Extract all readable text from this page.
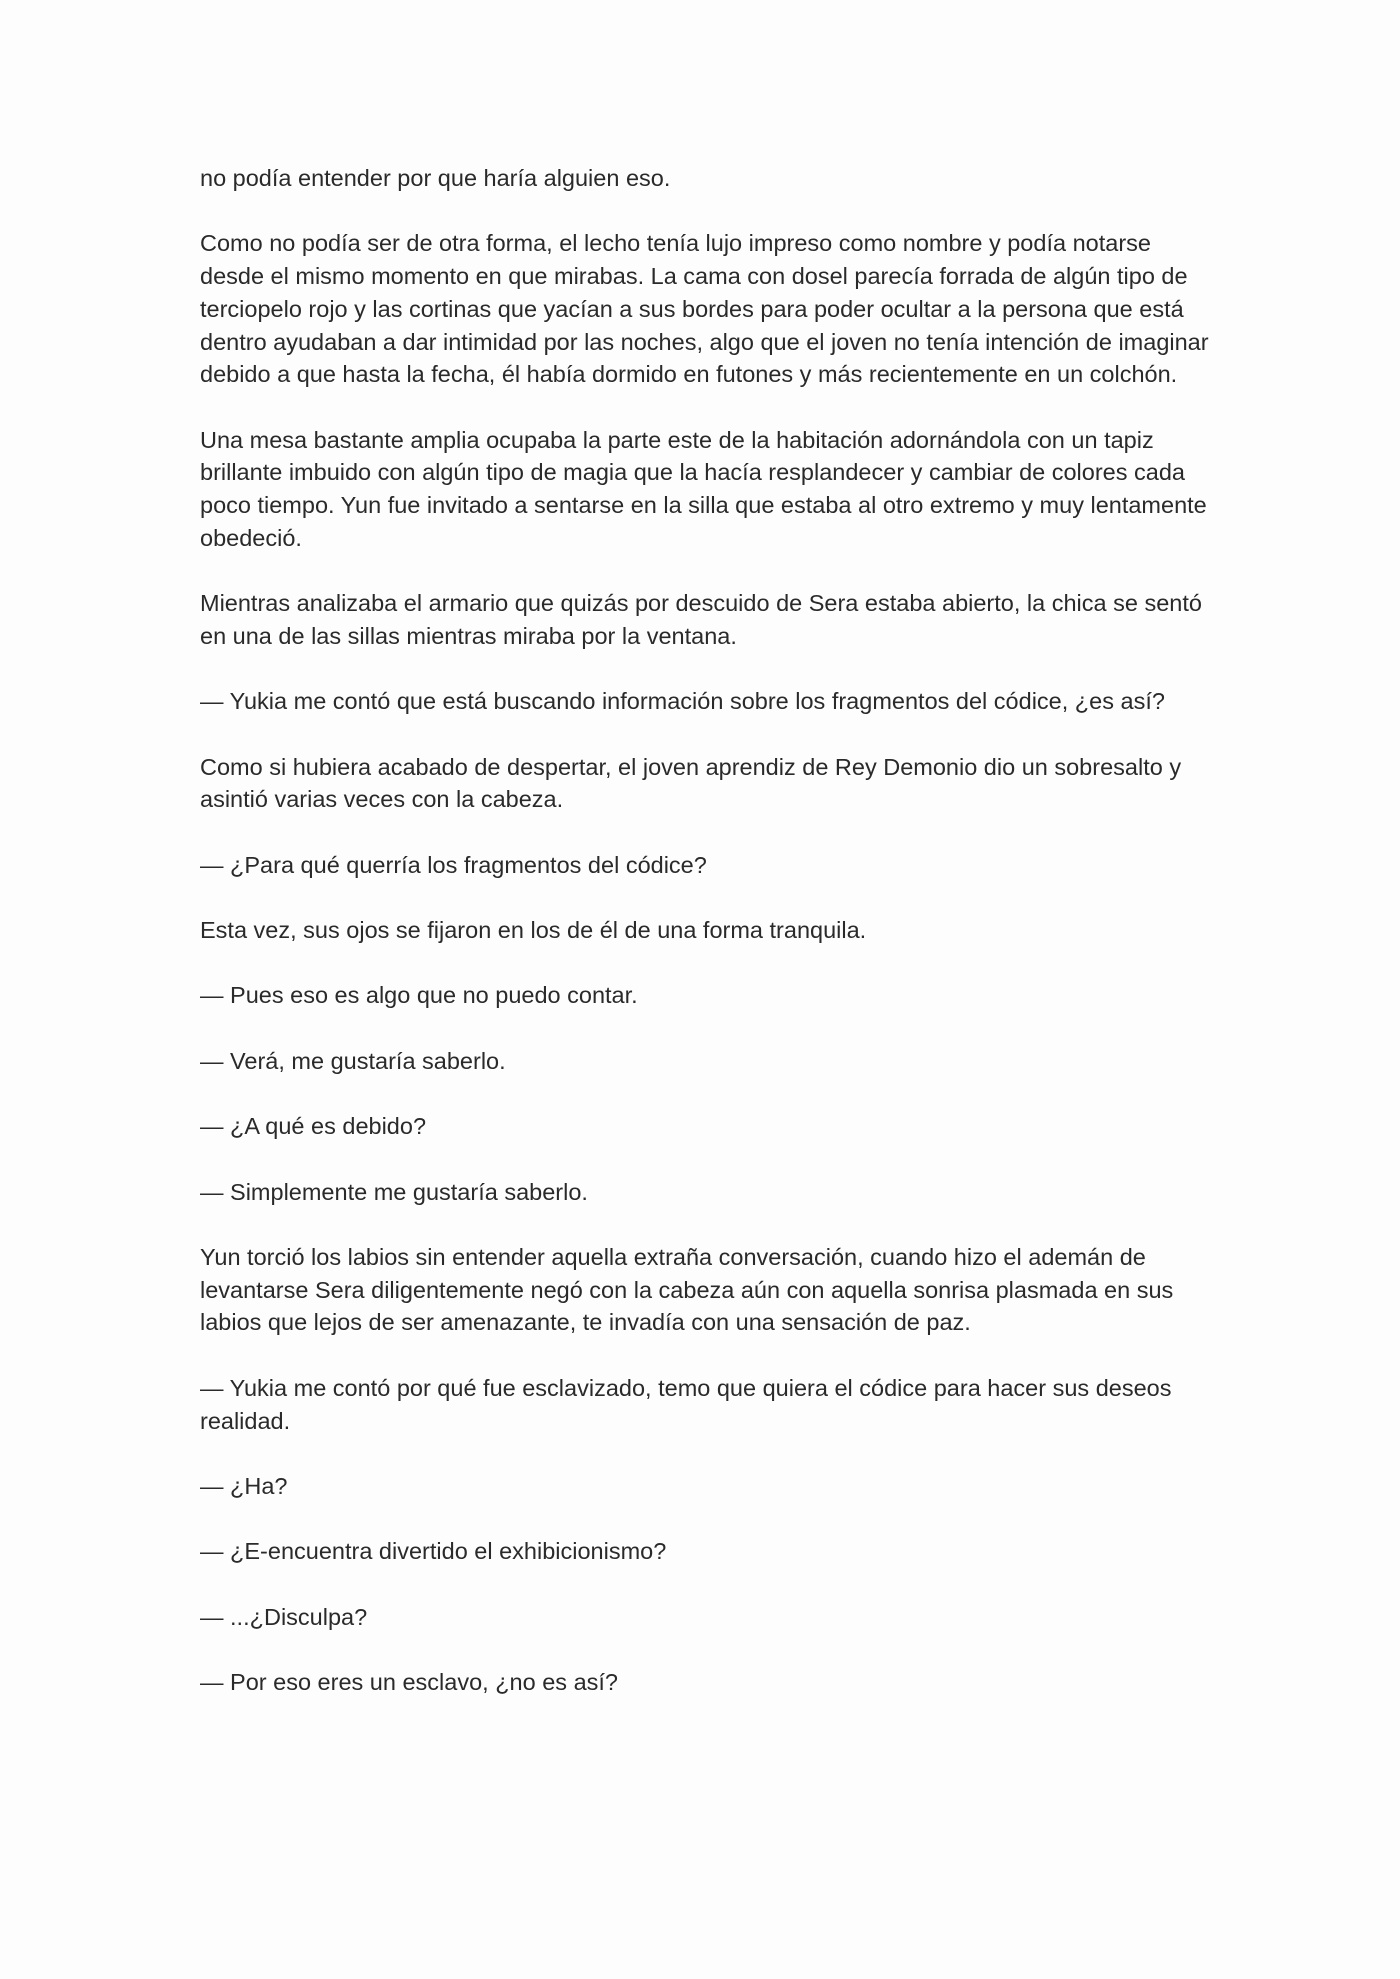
no podía entender por que haría alguien eso.

Como no podía ser de otra forma, el lecho tenía lujo impreso como nombre y podía notarse desde el mismo momento en que mirabas. La cama con dosel parecía forrada de algún tipo de terciopelo rojo y las cortinas que yacían a sus bordes para poder ocultar a la persona que está dentro ayudaban a dar intimidad por las noches, algo que el joven no tenía intención de imaginar debido a que hasta la fecha, él había dormido en futones y más recientemente en un colchón.

Una mesa bastante amplia ocupaba la parte este de la habitación adornándola con un tapiz brillante imbuido con algún tipo de magia que la hacía resplandecer y cambiar de colores cada poco tiempo. Yun fue invitado a sentarse en la silla que estaba al otro extremo y muy lentamente obedeció.

Mientras analizaba el armario que quizás por descuido de Sera estaba abierto, la chica se sentó en una de las sillas mientras miraba por la ventana.

— Yukia me contó que está buscando información sobre los fragmentos del códice, ¿es así?

Como si hubiera acabado de despertar, el joven aprendiz de Rey Demonio dio un sobresalto y asintió varias veces con la cabeza.

— ¿Para qué querría los fragmentos del códice?

Esta vez, sus ojos se fijaron en los de él de una forma tranquila.

— Pues eso es algo que no puedo contar.

— Verá, me gustaría saberlo.

— ¿A qué es debido?

— Simplemente me gustaría saberlo.

Yun torció los labios sin entender aquella extraña conversación, cuando hizo el ademán de levantarse Sera diligentemente negó con la cabeza aún con aquella sonrisa plasmada en sus labios que lejos de ser amenazante, te invadía con una sensación de paz.

— Yukia me contó por qué fue esclavizado, temo que quiera el códice para hacer sus deseos realidad.

— ¿Ha?

— ¿E-encuentra divertido el exhibicionismo?

— ...¿Disculpa?

— Por eso eres un esclavo, ¿no es así?
